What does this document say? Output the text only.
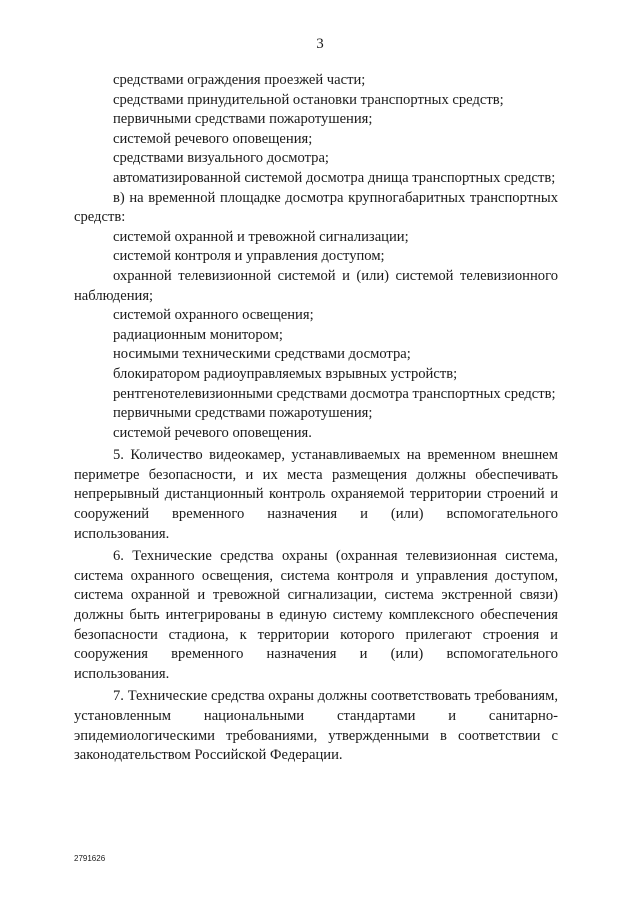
3

средствами ограждения проезжей части;

средствами принудительной остановки транспортных средств;

первичными средствами пожаротушения;

системой речевого оповещения;

средствами визуального досмотра;

автоматизированной системой досмотра днища транспортных средств;

в) на временной площадке досмотра крупногабаритных транспортных средств:

системой охранной и тревожной сигнализации;

системой контроля и управления доступом;

охранной телевизионной системой и (или) системой телевизионного наблюдения;

системой охранного освещения;

радиационным монитором;

носимыми техническими средствами досмотра;

блокиратором радиоуправляемых взрывных устройств;

рентгенотелевизионными средствами досмотра транспортных средств;

первичными средствами пожаротушения;

системой речевого оповещения.

5. Количество видеокамер, устанавливаемых на временном внешнем периметре безопасности, и их места размещения должны обеспечивать непрерывный дистанционный контроль охраняемой территории строений и сооружений временного назначения и (или) вспомогательного использования.

6. Технические средства охраны (охранная телевизионная система, система охранного освещения, система контроля и управления доступом, система охранной и тревожной сигнализации, система экстренной связи) должны быть интегрированы в единую систему комплексного обеспечения безопасности стадиона, к территории которого прилегают строения и сооружения временного назначения и (или) вспомогательного использования.

7. Технические средства охраны должны соответствовать требованиям, установленным национальными стандартами и санитарно-эпидемиологическими требованиями, утвержденными в соответствии с законодательством Российской Федерации.

2791626
